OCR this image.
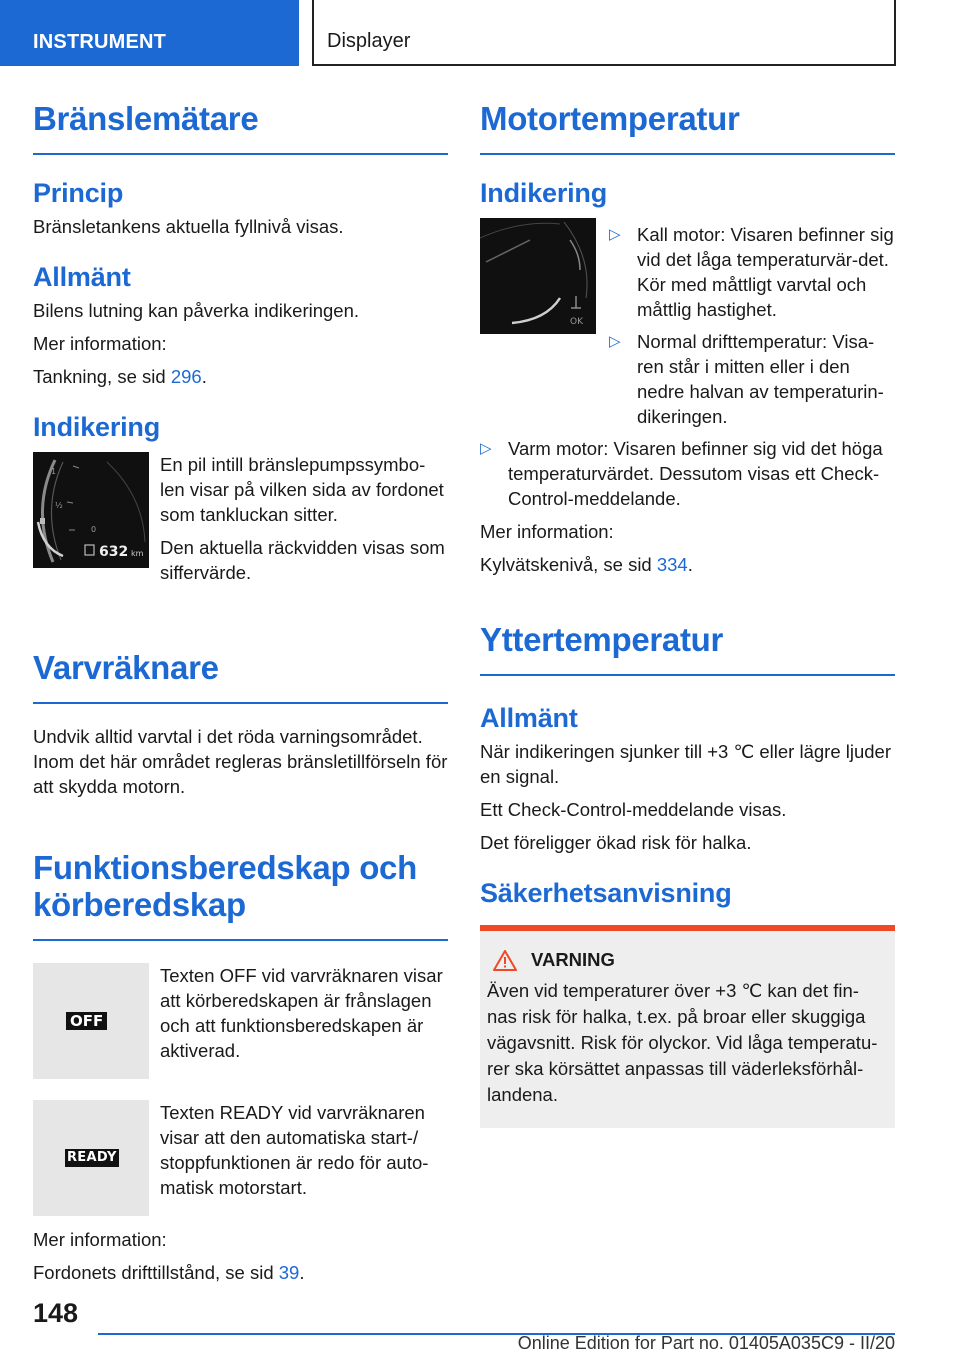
INSTRUMENT	Displayer
Bränslemätare
Princip

Bränsletankens aktuella fyllnivå visas.

Allmänt

Bilens lutning kan påverka indikeringen.

Mer information:

Tankning, se sid 296.

Indikering
1
½
0
632 km

En pil intill bränslepumpssymbo-len visar på vilken sida av fordonet som tankluckan sitter.

Den aktuella räckvidden visas som siffervärde.

Varvräknare

Undvik alltid varvtal i det röda varningsområdet. Inom det här området regleras bränsletillförseln för att skydda motorn.

Funktionsberedskap och körberedskap
OFF

Texten OFF vid varvräknaren visar att körberedskapen är frånslagen och att funktionsberedskapen är aktiverad.

READY

Texten READY vid varvräknaren visar att den automatiska start-/ stoppfunktionen är redo för auto-matisk motorstart.

Mer information:

Fordonets drifttillstånd, se sid 39.

Motortemperatur
Indikering
OK
▷ Kall motor: Visaren befinner sig vid det låga temperaturvär-det. Kör med måttligt varvtal och måttlig hastighet.
▷ Normal drifttemperatur: Visa-ren står i mitten eller i den nedre halvan av temperaturin-dikeringen.
▷ Varm motor: Visaren befinner sig vid det höga temperaturvärdet. Dessutom visas ett Check-Control-meddelande.

Mer information:

Kylvätskenivå, se sid 334.

Yttertemperatur
Allmänt

När indikeringen sjunker till +3 ℃ eller lägre ljuder en signal.

Ett Check-Control-meddelande visas.

Det föreligger ökad risk för halka.

Säkerhetsanvisning
VARNING

Även vid temperaturer över +3 ℃ kan det fin-nas risk för halka, t.ex. på broar eller skuggiga vägavsnitt. Risk för olyckor. Vid låga temperatu-rer ska körsättet anpassas till väderleksförhål-landena.

148
Online Edition for Part no. 01405A035C9 - II/20
